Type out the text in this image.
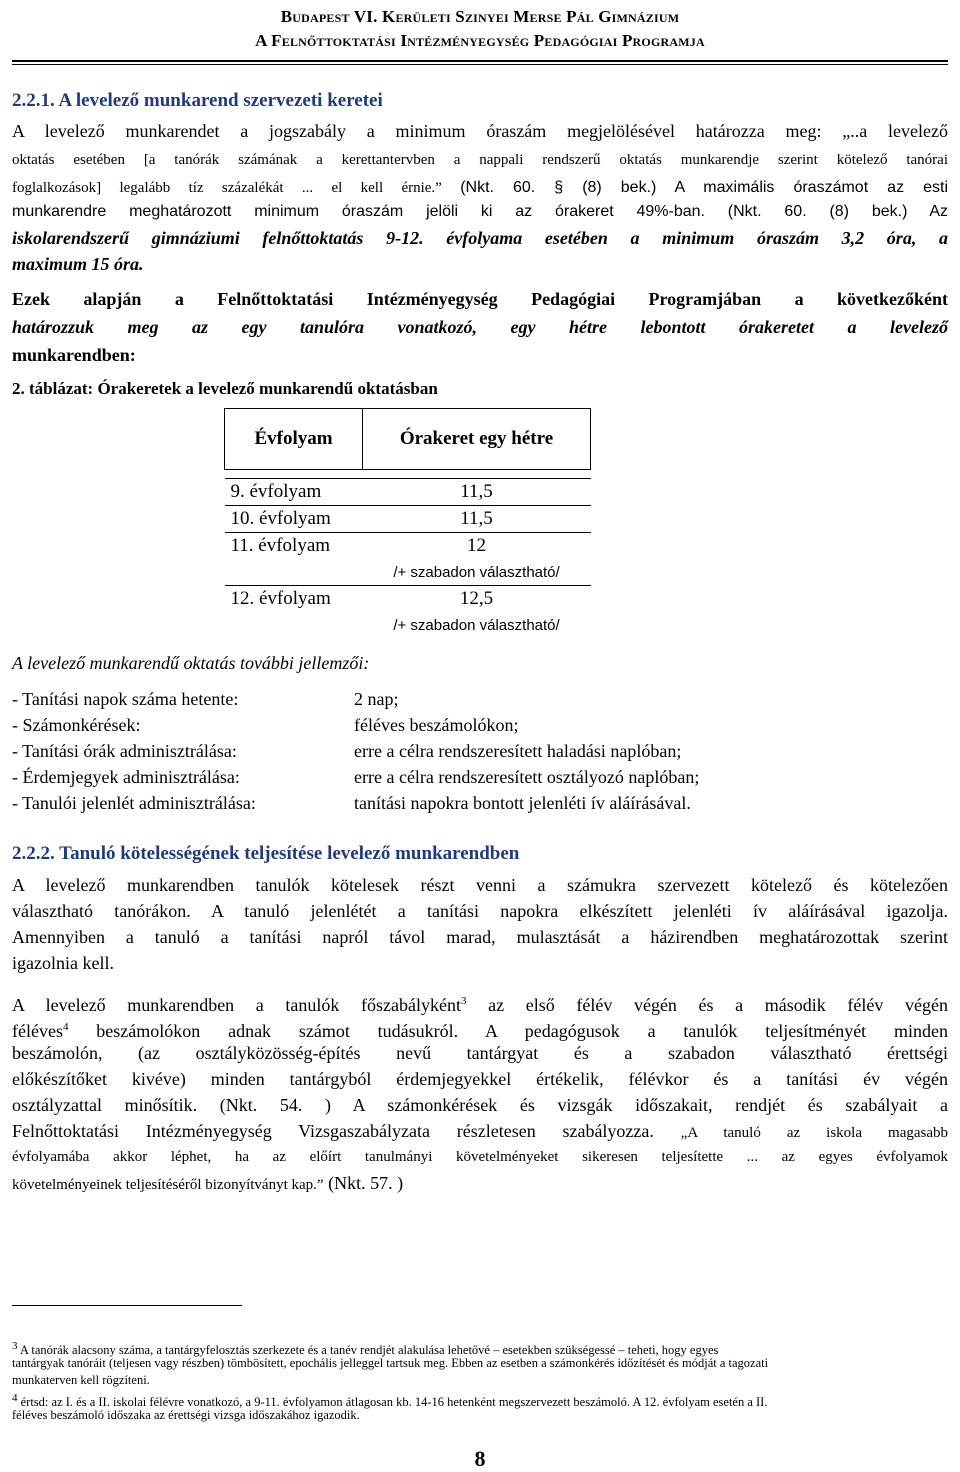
Budapest VI. Kerületi Szinyei Merse Pál Gimnázium
A Felnőttoktatási Intézményegység Pedagógiai Programja
2.2.1. A levelező munkarend szervezeti keretei
A levelező munkarendet a jogszabály a minimum óraszám megjelölésével határozza meg: „..a levelező
oktatás esetében [a tanórák számának a kerettantervben a nappali rendszerű oktatás munkarendje szerint kötelező tanórai
foglalkozások] legalább tíz százalékát ... el kell érnie.” (Nkt. 60. § (8) bek.) A maximális óraszámot az esti
munkarendre meghatározott minimum óraszám jelöli ki az órakeret 49%-ban. (Nkt. 60. (8) bek.) Az
iskolarendszerű gimnáziumi felnőttoktatás 9-12. évfolyama esetében a minimum óraszám 3,2 óra, a
maximum 15 óra.
Ezek alapján a Felnőttoktatási Intézményegység Pedagógiai Programjában a következőként
határozzuk meg az egy tanulóra vonatkozó, egy hétre lebontott órakeretet a levelező
munkarendben:
2. táblázat: Órakeretek a levelező munkarendű oktatásban
Évfolyam	Órakeret egy hétre

9. évfolyam	11,5
10. évfolyam	11,5
11. évfolyam	12
	/+ szabadon választható/
12. évfolyam	12,5
	/+ szabadon választható/
A levelező munkarendű oktatás további jellemzői:
- Tanítási napok száma hetente:	2 nap;
- Számonkérések:	féléves beszámolókon;
- Tanítási órák adminisztrálása:	erre a célra rendszeresített haladási naplóban;
- Érdemjegyek adminisztrálása:	erre a célra rendszeresített osztályozó naplóban;
- Tanulói jelenlét adminisztrálása:	tanítási napokra bontott jelenléti ív aláírásával.
2.2.2. Tanuló kötelességének teljesítése levelező munkarendben
A levelező munkarendben tanulók kötelesek részt venni a számukra szervezett kötelező és kötelezően
választható tanórákon. A tanuló jelenlétét a tanítási napokra elkészített jelenléti ív aláírásával igazolja.
Amennyiben a tanuló a tanítási napról távol marad, mulasztását a házirendben meghatározottak szerint
igazolnia kell.
A levelező munkarendben a tanulók főszabályként$^3$ az első félév végén és a második félév végén
féléves$^4$ beszámolókon adnak számot tudásukról. A pedagógusok a tanulók teljesítményét minden
beszámolón, (az osztályközösség-építés nevű tantárgyat és a szabadon választható érettségi
előkészítőket kivéve) minden tantárgyból érdemjegyekkel értékelik, félévkor és a tanítási év végén
osztályzattal minősítik. (Nkt. 54. ) A számonkérések és vizsgák időszakait, rendjét és szabályait a
Felnőttoktatási Intézményegység Vizsgaszabályzata részletesen szabályozza. „A tanuló az iskola magasabb
évfolyamába akkor léphet, ha az előírt tanulmányi követelményeket sikeresen teljesítette ... az egyes évfolyamok
követelményeinek teljesítéséről bizonyítványt kap.” (Nkt. 57. )
$^3$ A tanórák alacsony száma, a tantárgyfelosztás szerkezete és a tanév rendjét alakulása lehetővé – esetekben szükségessé – teheti, hogy egyes
tantárgyak tanóráit (teljesen vagy részben) tömbösített, epochális jelleggel tartsuk meg. Ebben az esetben a számonkérés időzítését és módját a tagozati
munkaterven kell rögzíteni.
$^4$ értsd: az I. és a II. iskolai félévre vonatkozó, a 9-11. évfolyamon átlagosan kb. 14-16 hetenként megszervezett beszámoló. A 12. évfolyam esetén a II.
féléves beszámoló időszaka az érettségi vizsga időszakához igazodik.
8
